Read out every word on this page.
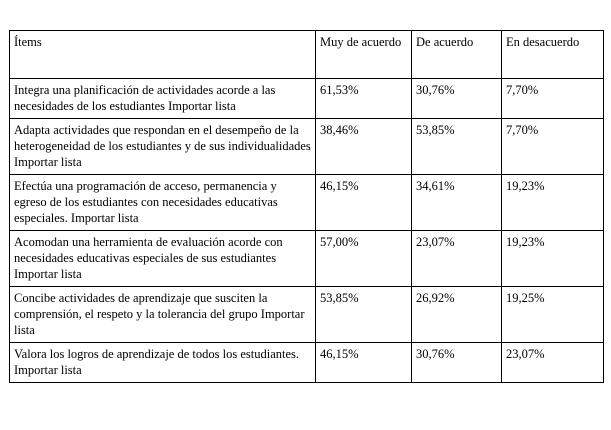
Ítems	Muy de acuerdo	De acuerdo	En desacuerdo
Integra una planificación de actividades acorde a las necesidades de los estudiantes Importar lista	61,53%	30,76%	7,70%
Adapta actividades que respondan en el desempeño de la heterogeneidad de los estudiantes y de sus individualidades Importar lista	38,46%	53,85%	7,70%
Efectúa una programación de acceso, permanencia y egreso de los estudiantes con necesidades educativas especiales. Importar lista	46,15%	34,61%	19,23%
Acomodan una herramienta de evaluación acorde con necesidades educativas especiales de sus estudiantes Importar lista	57,00%	23,07%	19,23%
Concibe actividades de aprendizaje que susciten la comprensión, el respeto y la tolerancia del grupo Importar lista	53,85%	26,92%	19,25%
Valora los logros de aprendizaje de todos los estudiantes. Importar lista	46,15%	30,76%	23,07%
